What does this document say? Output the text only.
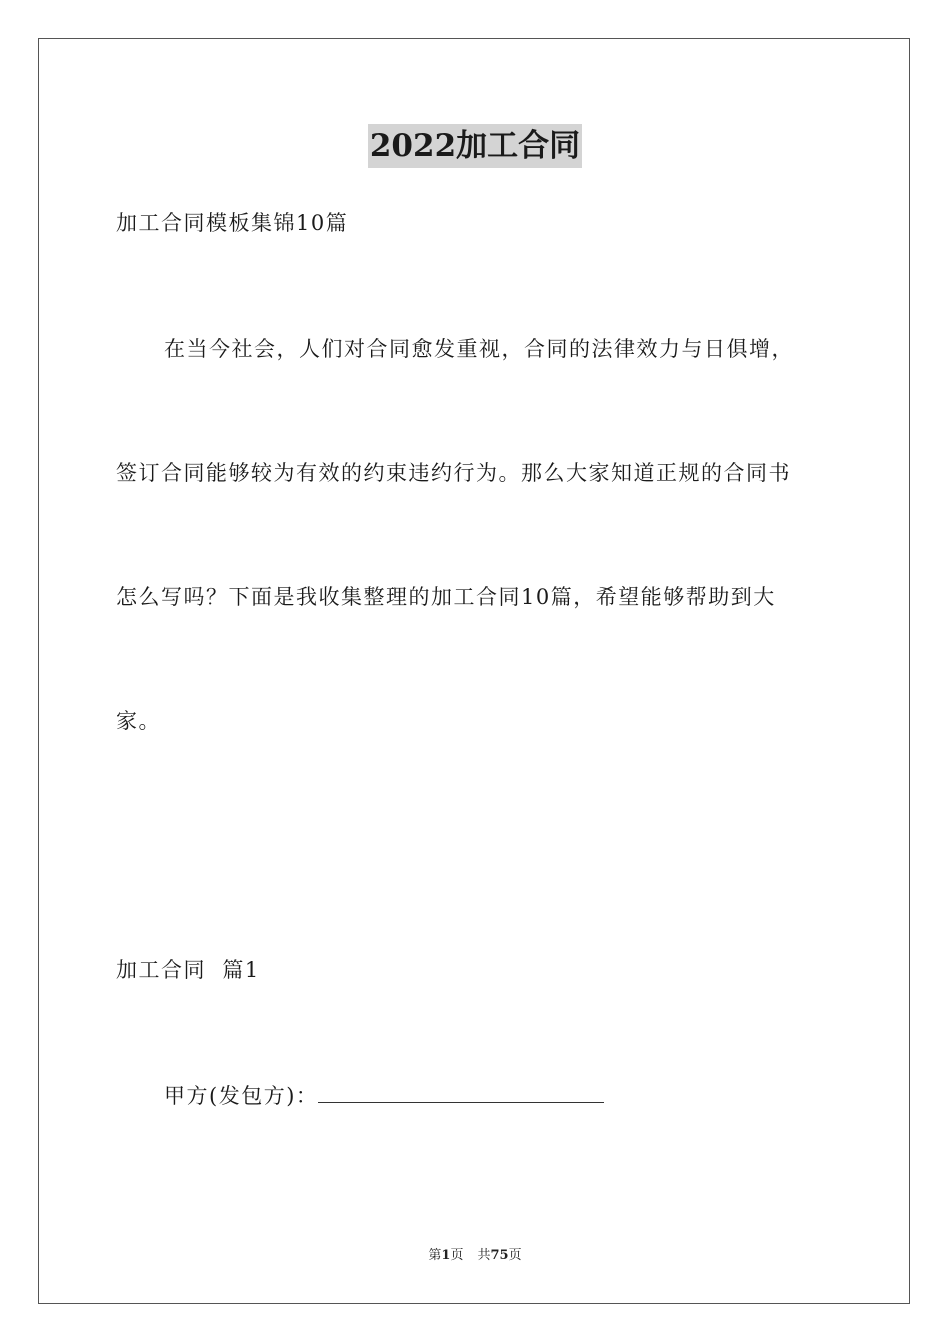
2022加工合同
加工合同模板集锦10篇
在当今社会，人们对合同愈发重视，合同的法律效力与日俱增，
签订合同能够较为有效的约束违约行为。那么大家知道正规的合同书
怎么写吗？下面是我收集整理的加工合同10篇，希望能够帮助到大
家。
加工合同  篇1
甲方(发包方)：
第1页 共75页
